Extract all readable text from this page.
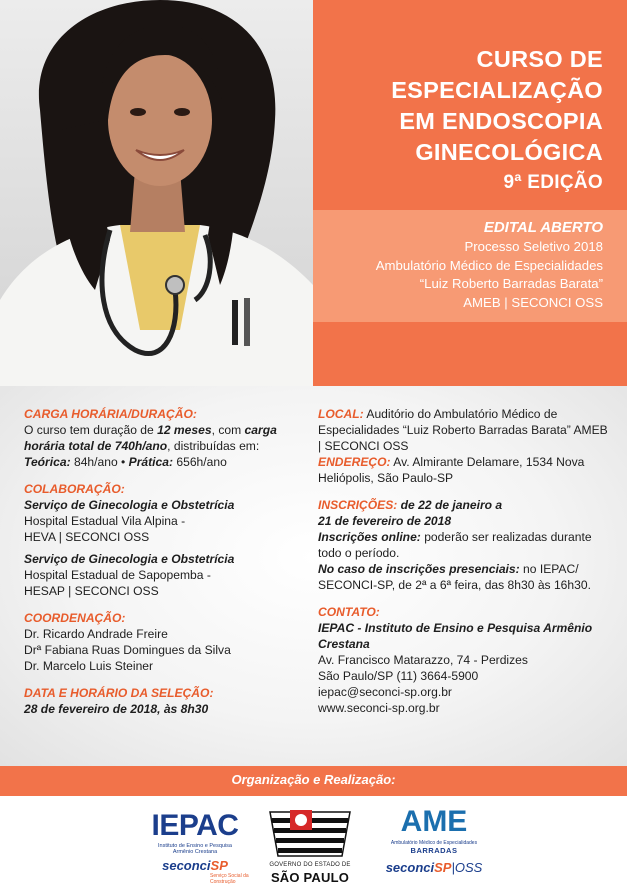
CURSO DE
ESPECIALIZAÇÃO
EM ENDOSCOPIA
GINECOLÓGICA
9ª EDIÇÃO
EDITAL ABERTO
Processo Seletivo 2018
Ambulatório Médico de Especialidades
“Luiz Roberto Barradas Barata”
AMEB | SECONCI OSS
CARGA HORÁRIA/DURAÇÃO:
O curso tem duração de 12 meses, com carga horária total de 740h/ano, distribuídas em:
Teórica: 84h/ano • Prática: 656h/ano
COLABORAÇÃO:
Serviço de Ginecologia e Obstetrícia
Hospital Estadual Vila Alpina -
HEVA | SECONCI OSS
Serviço de Ginecologia e Obstetrícia
Hospital Estadual de Sapopemba -
HESAP | SECONCI OSS
COORDENAÇÃO:
Dr. Ricardo Andrade Freire
Drª Fabiana Ruas Domingues da Silva
Dr. Marcelo Luis Steiner
DATA E HORÁRIO DA SELEÇÃO:
28 de fevereiro de 2018, às 8h30
LOCAL: Auditório do Ambulatório Médico de Especialidades “Luiz Roberto Barradas Barata” AMEB | SECONCI OSS
ENDEREÇO: Av. Almirante Delamare, 1534 Nova Heliópolis, São Paulo-SP
INSCRIÇÕES: de 22 de janeiro a
21 de fevereiro de 2018
Inscrições online: poderão ser realizadas durante todo o período.
No caso de inscrições presenciais: no IEPAC/ SECONCI-SP, de 2ª a 6ª feira, das 8h30 às 16h30.
CONTATO:
IEPAC - Instituto de Ensino e Pesquisa Armênio Crestana
Av. Francisco Matarazzo, 74 - Perdizes
São Paulo/SP (11) 3664-5900
iepac@seconci-sp.org.br
www.seconci-sp.org.br
Organização e Realização:
IEPAC
Instituto de Ensino e Pesquisa
Armênio Crestana
seconciSP
Serviço Social da Construção
GOVERNO DO ESTADO DE
SÃO PAULO
AME
Ambulatório Médico de Especialidades
BARRADAS
seconciSP|OSS
